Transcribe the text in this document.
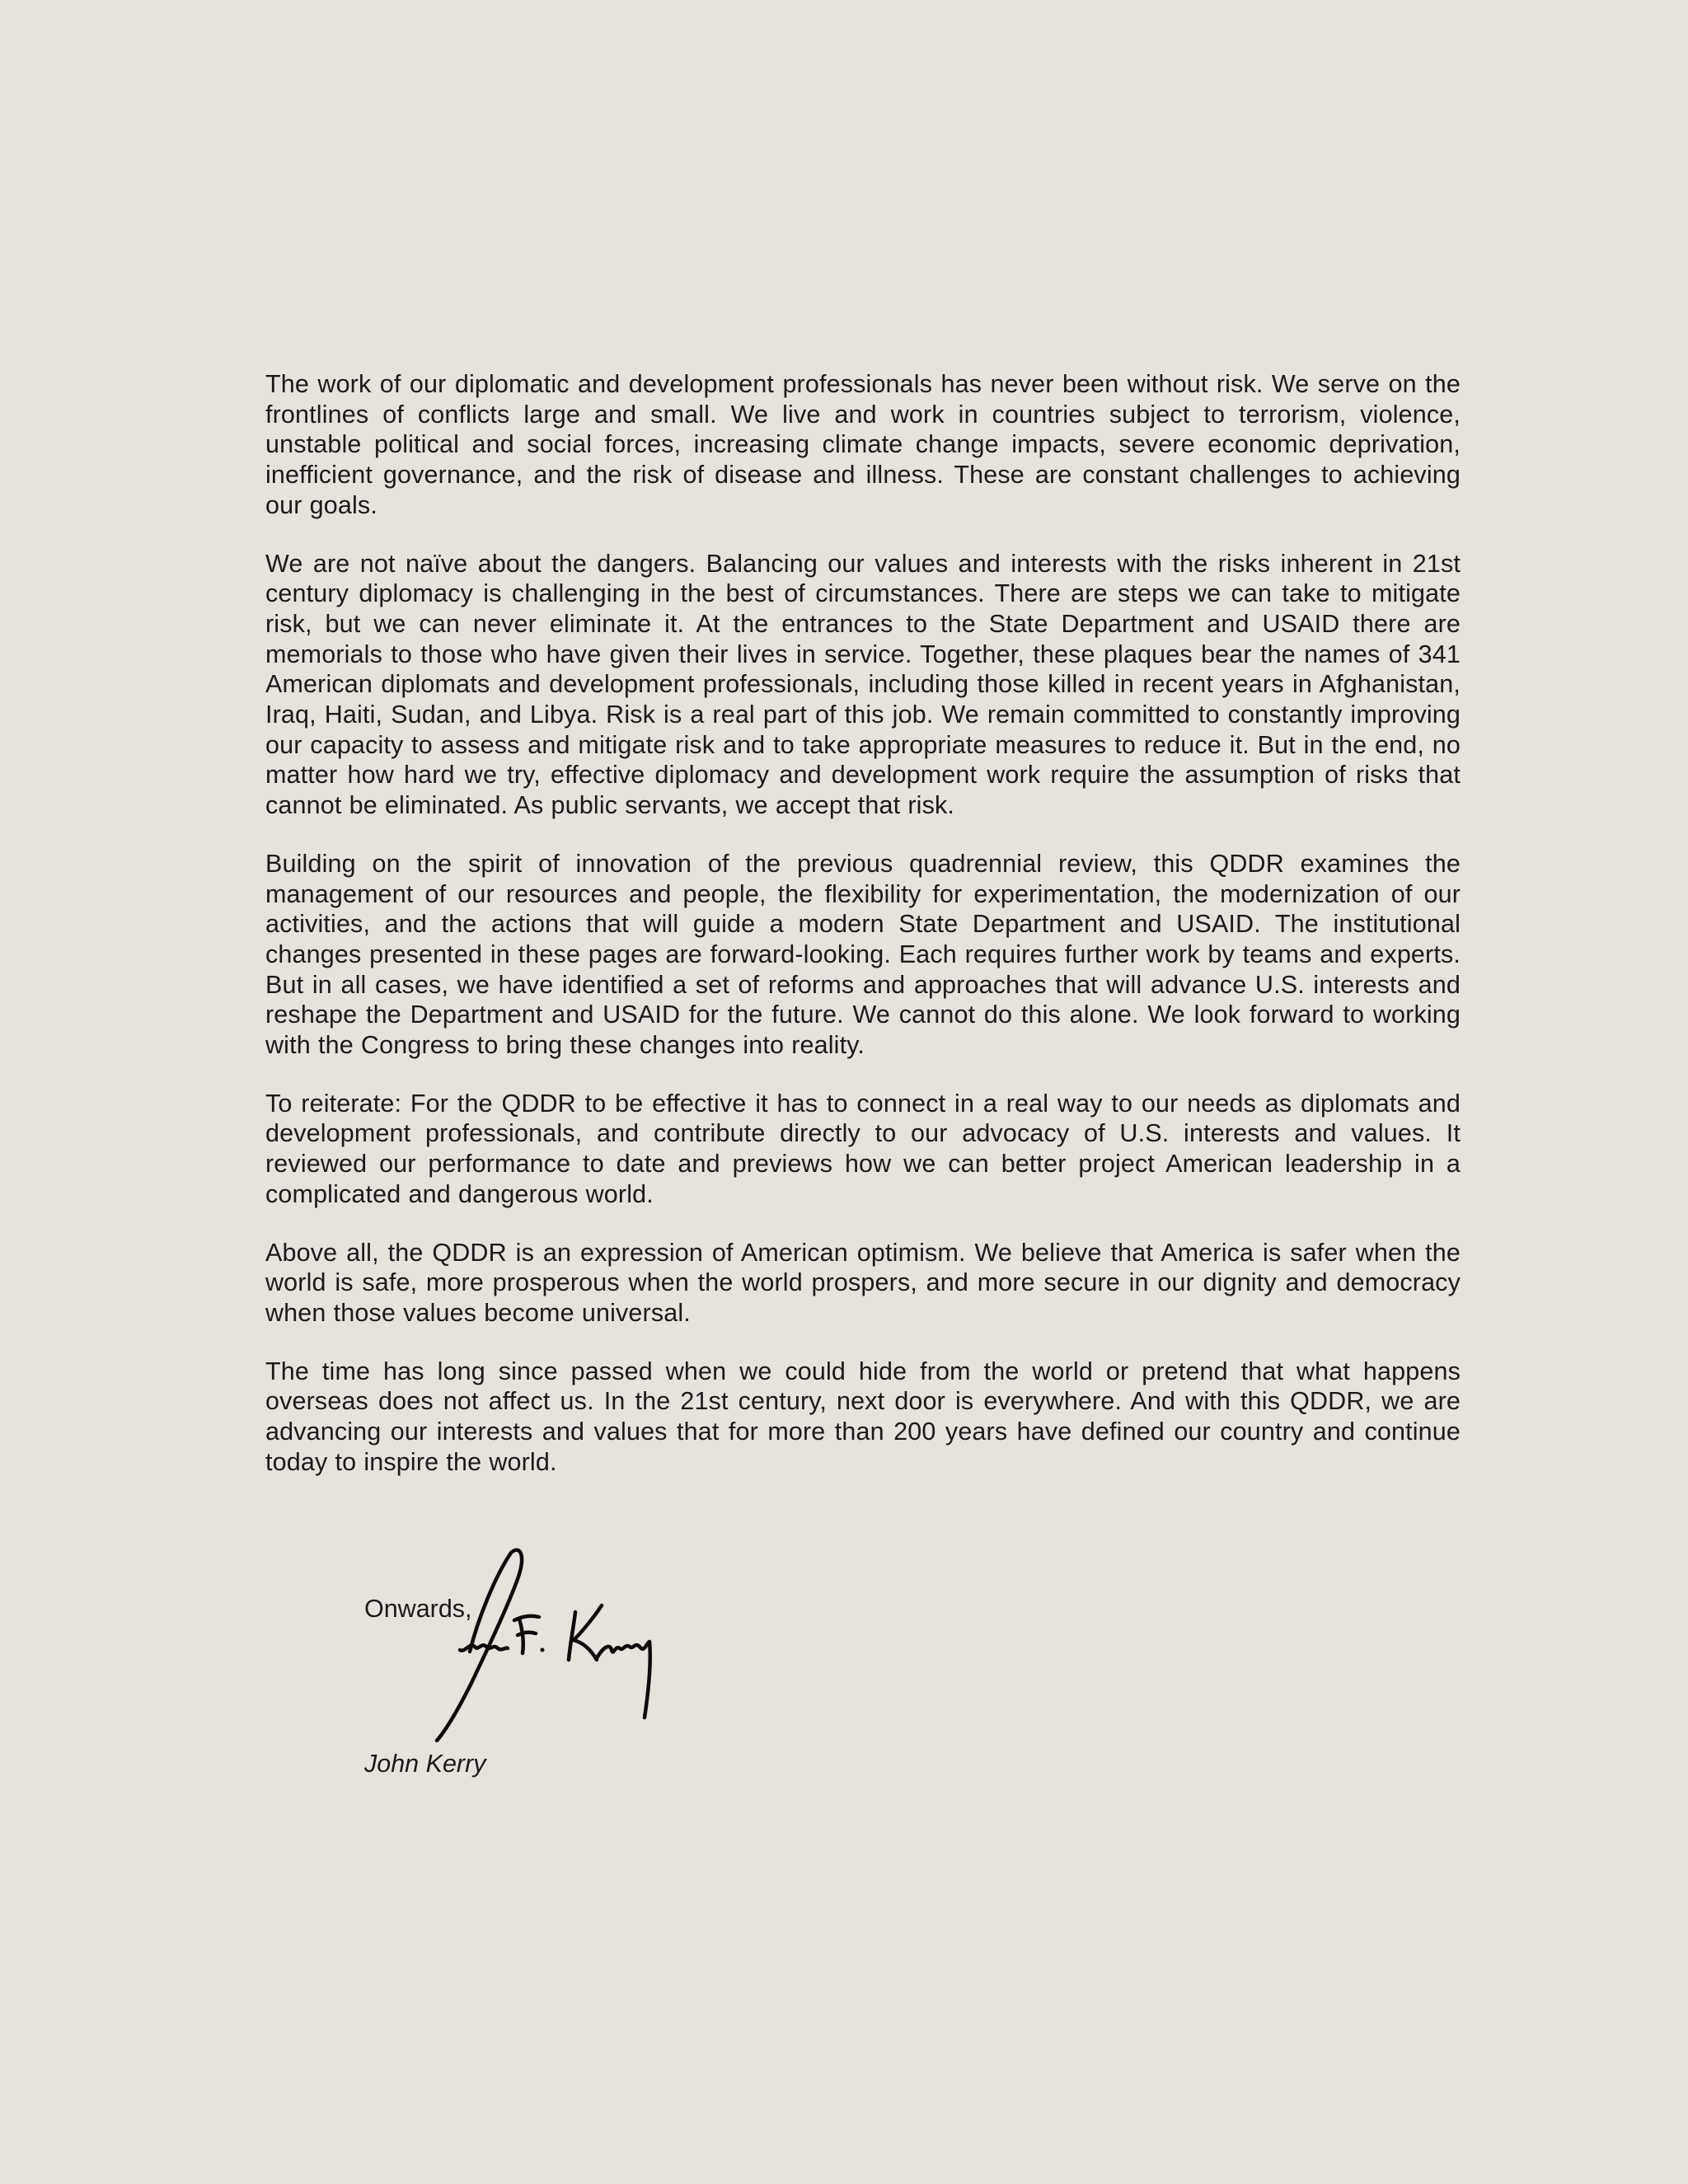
The work of our diplomatic and development professionals has never been without risk. We serve on the frontlines of conflicts large and small. We live and work in countries subject to terrorism, violence, unstable political and social forces, increasing climate change impacts, severe economic deprivation, inefficient governance, and the risk of disease and illness. These are constant challenges to achieving our goals.

We are not naïve about the dangers. Balancing our values and interests with the risks inherent in 21st century diplomacy is challenging in the best of circumstances. There are steps we can take to mitigate risk, but we can never eliminate it. At the entrances to the State Department and USAID there are memorials to those who have given their lives in service. Together, these plaques bear the names of 341 American diplomats and development professionals, including those killed in recent years in Afghanistan, Iraq, Haiti, Sudan, and Libya. Risk is a real part of this job. We remain committed to constantly improving our capacity to assess and mitigate risk and to take appropriate measures to reduce it. But in the end, no matter how hard we try, effective diplomacy and development work require the assumption of risks that cannot be eliminated. As public servants, we accept that risk.

Building on the spirit of innovation of the previous quadrennial review, this QDDR examines the management of our resources and people, the flexibility for experimentation, the modernization of our activities, and the actions that will guide a modern State Department and USAID. The institutional changes presented in these pages are forward-looking. Each requires further work by teams and experts. But in all cases, we have identified a set of reforms and approaches that will advance U.S. interests and reshape the Department and USAID for the future. We cannot do this alone. We look forward to working with the Congress to bring these changes into reality.

To reiterate: For the QDDR to be effective it has to connect in a real way to our needs as diplomats and development professionals, and contribute directly to our advocacy of U.S. interests and values. It reviewed our performance to date and previews how we can better project American leadership in a complicated and dangerous world.

Above all, the QDDR is an expression of American optimism. We believe that America is safer when the world is safe, more prosperous when the world prospers, and more secure in our dignity and democracy when those values become universal.

The time has long since passed when we could hide from the world or pretend that what happens overseas does not affect us. In the 21st century, next door is everywhere. And with this QDDR, we are advancing our interests and values that for more than 200 years have defined our country and continue today to inspire the world.

Onwards,

John Kerry
